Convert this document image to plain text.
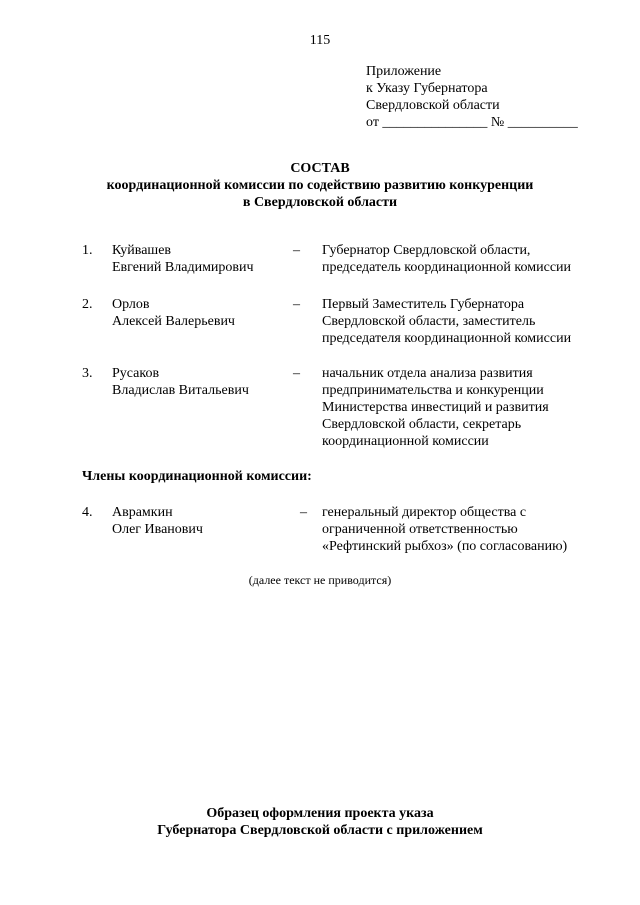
115
Приложение
к Указу Губернатора
Свердловской области
от _______________ № __________
СОСТАВ
координационной комиссии по содействию развитию конкуренции
в Свердловской области
1. Куйвашев
Евгений Владимирович
– Губернатор Свердловской области,
председатель координационной комиссии
2. Орлов
Алексей Валерьевич
– Первый Заместитель Губернатора
Свердловской области, заместитель
председателя координационной комиссии
3. Русаков
Владислав Витальевич
– начальник отдела анализа развития
предпринимательства и конкуренции
Министерства инвестиций и развития
Свердловской области, секретарь
координационной комиссии
Члены координационной комиссии:
4. Аврамкин
Олег Иванович
– генеральный директор общества с
ограниченной ответственностью
«Рефтинский рыбхоз» (по согласованию)
(далее текст не приводится)
Образец оформления проекта указа
Губернатора Свердловской области с приложением
